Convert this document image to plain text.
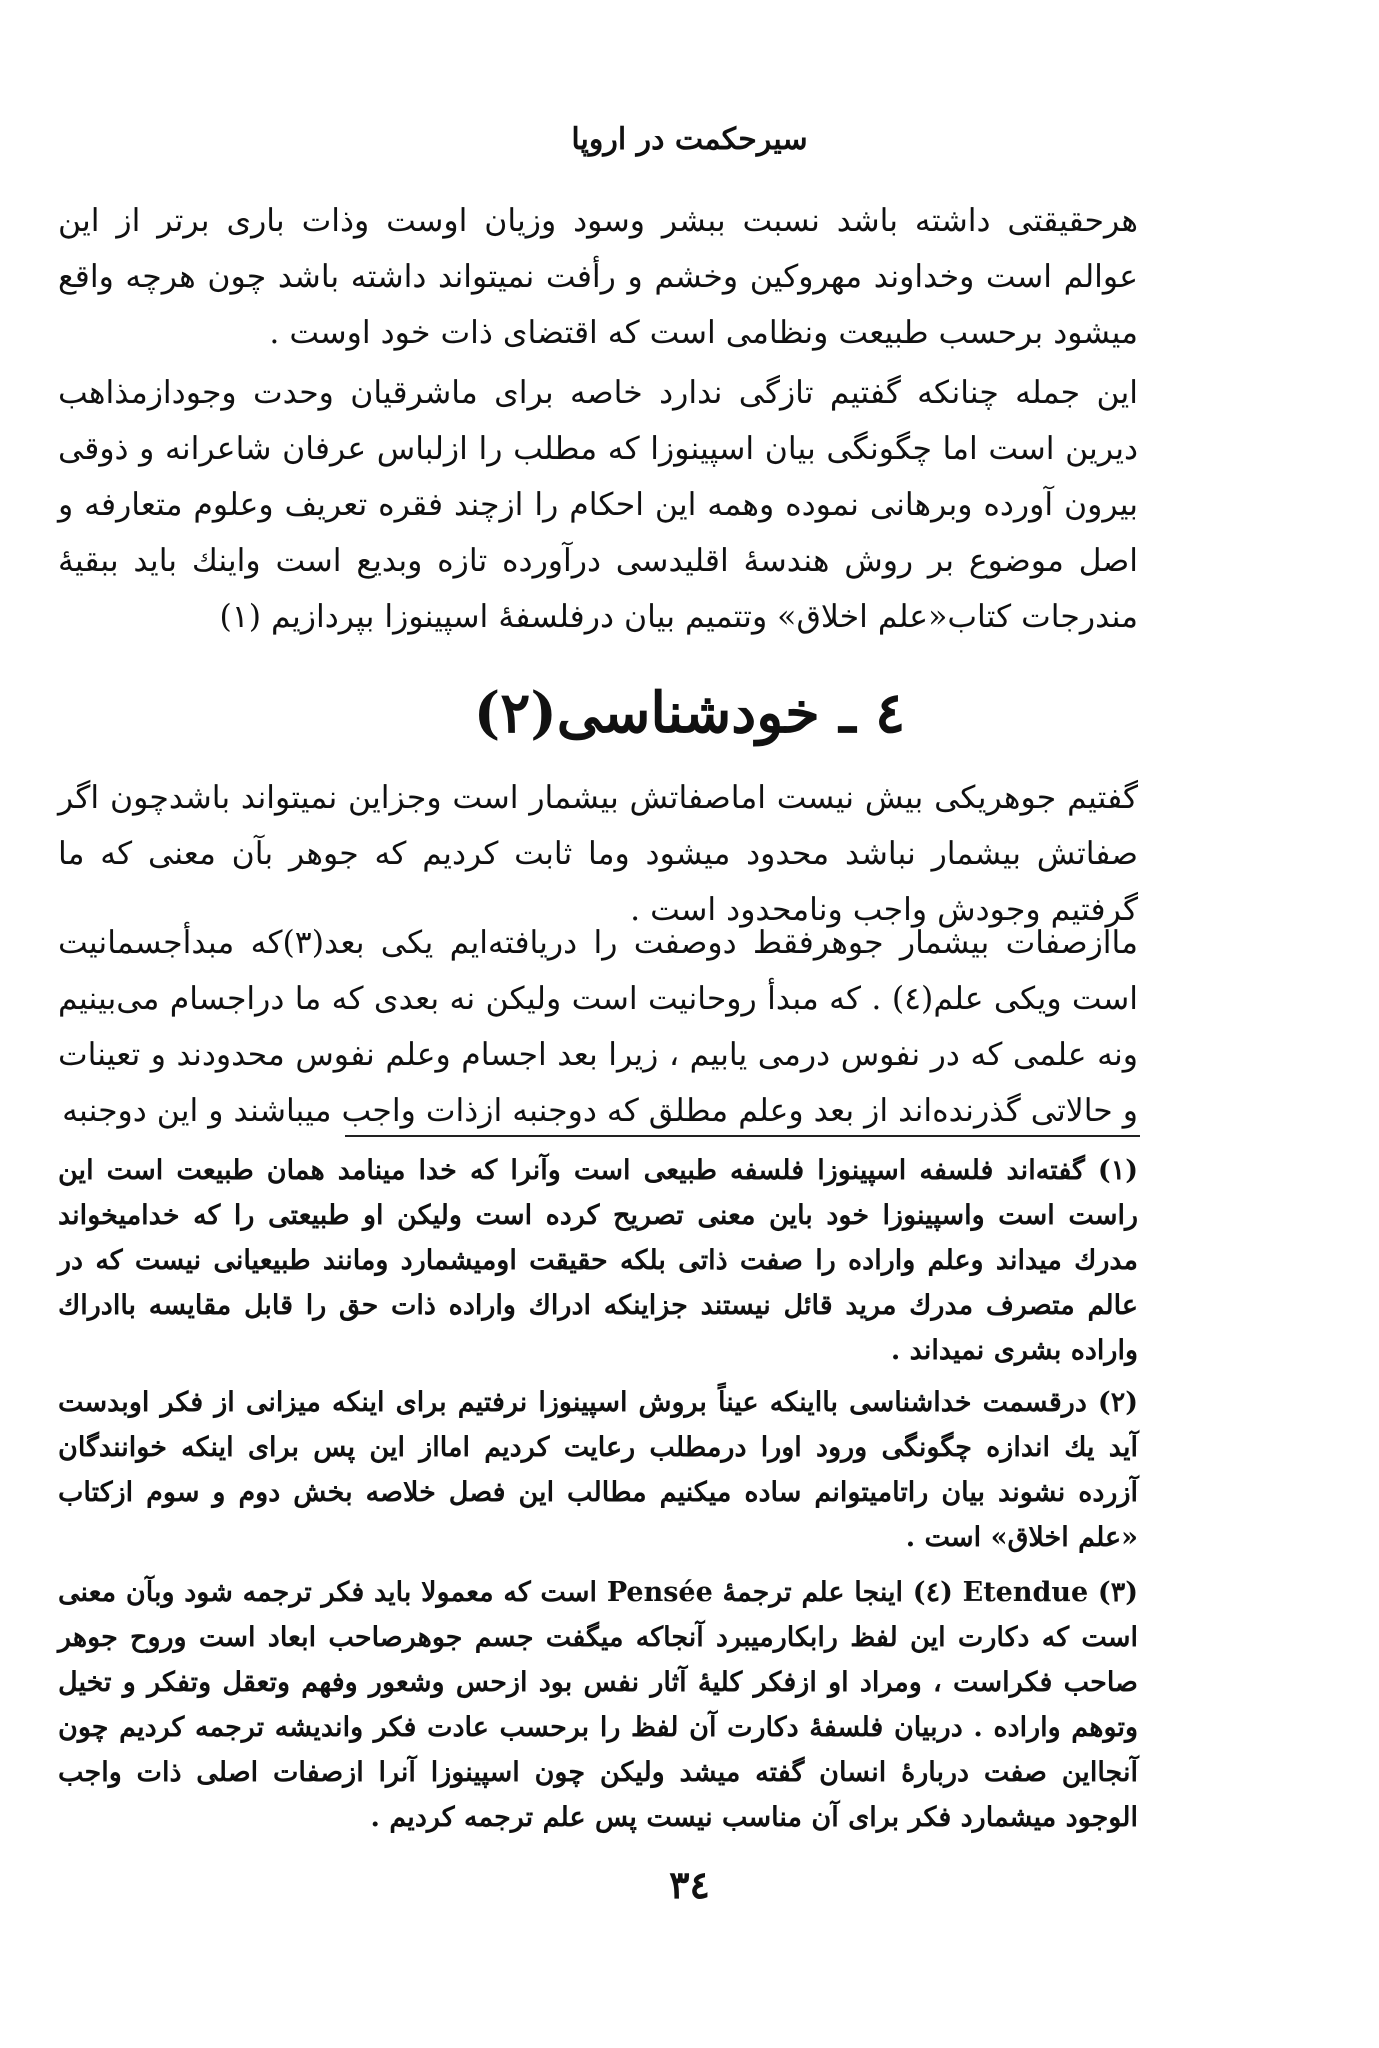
سیرحکمت در اروپا

هرحقیقتی داشته باشد نسبت ببشر وسود وزیان اوست وذات باری برتر از این عوالم است وخداوند مهروکین وخشم و رأفت نمیتواند داشته باشد چون هرچه واقع میشود برحسب طبیعت ونظامی است که اقتضای ذات خود اوست .

این جمله چنانکه گفتیم تازگی ندارد خاصه برای ماشرقیان وحدت وجودازمذاهب دیرین است اما چگونگی بیان اسپینوزا که مطلب را ازلباس عرفان شاعرانه و ذوقی بیرون آورده وبرهانی نموده وهمه این احکام را ازچند فقره تعریف وعلوم متعارفه و اصل موضوع بر روش هندسهٔ اقلیدسی درآورده تازه وبدیع است واینك باید ببقیهٔ مندرجات کتاب«علم اخلاق» وتتمیم بیان درفلسفهٔ اسپینوزا بپردازیم (۱)

٤ ـ خودشناسی(۲)

گفتیم جوهریکی بیش نیست اماصفاتش بیشمار است وجزاین نمیتواند باشدچون اگر صفاتش بیشمار نباشد محدود میشود وما ثابت کردیم که جوهر بآن معنی که ما گرفتیم وجودش واجب ونامحدود است .

ماازصفات بیشمار جوهرفقط دوصفت را دریافته‌ایم یکی بعد(۳)که مبدأجسمانیت است ویکی علم(٤) . که مبدأ روحانیت است ولیکن نه بعدی که ما دراجسام می‌بینیم ونه علمی که در نفوس درمی یابیم ، زیرا بعد اجسام وعلم نفوس محدودند و تعینات و حالاتی گذرنده‌اند از بعد وعلم مطلق که دوجنبه ازذات واجب میباشند و این دوجنبه

(۱) گفته‌اند فلسفه اسپینوزا فلسفه طبیعی است وآنرا که خدا مینامد همان طبیعت است این راست است واسپینوزا خود باین معنی تصریح کرده است ولیکن او طبیعتی را که خدامیخواند مدرك میداند وعلم واراده را صفت ذاتی بلکه حقیقت اومیشمارد ومانند طبیعیانی نیست که در عالم متصرف مدرك مرید قائل نیستند جزاینکه ادراك واراده ذات حق را قابل مقایسه باادراك واراده بشری نمیداند .

(۲) درقسمت خداشناسی بااینکه عیناً بروش اسپینوزا نرفتیم برای اینکه میزانی از فکر اوبدست آید یك اندازه چگونگی ورود اورا درمطلب رعایت کردیم امااز این پس برای اینکه خوانندگان آزرده نشوند بیان راتامیتوانم ساده میکنیم مطالب این فصل خلاصه بخش دوم و سوم ازکتاب «علم اخلاق» است .

(۳) Etendue (٤) اینجا علم ترجمهٔ Pensée است که معمولا باید فکر ترجمه شود وبآن معنی است که دکارت این لفظ رابکارمیبرد آنجاکه میگفت جسم جوهرصاحب ابعاد است وروح جوهر صاحب فکراست ، ومراد او ازفکر کلیهٔ آثار نفس بود ازحس وشعور وفهم وتعقل وتفکر و تخیل وتوهم واراده . دربیان فلسفهٔ دکارت آن لفظ را برحسب عادت فکر واندیشه ترجمه کردیم چون آنجااین صفت دربارهٔ انسان گفته میشد ولیکن چون اسپینوزا آنرا ازصفات اصلی ذات واجب الوجود میشمارد فکر برای آن مناسب نیست پس علم ترجمه کردیم .

۳٤
